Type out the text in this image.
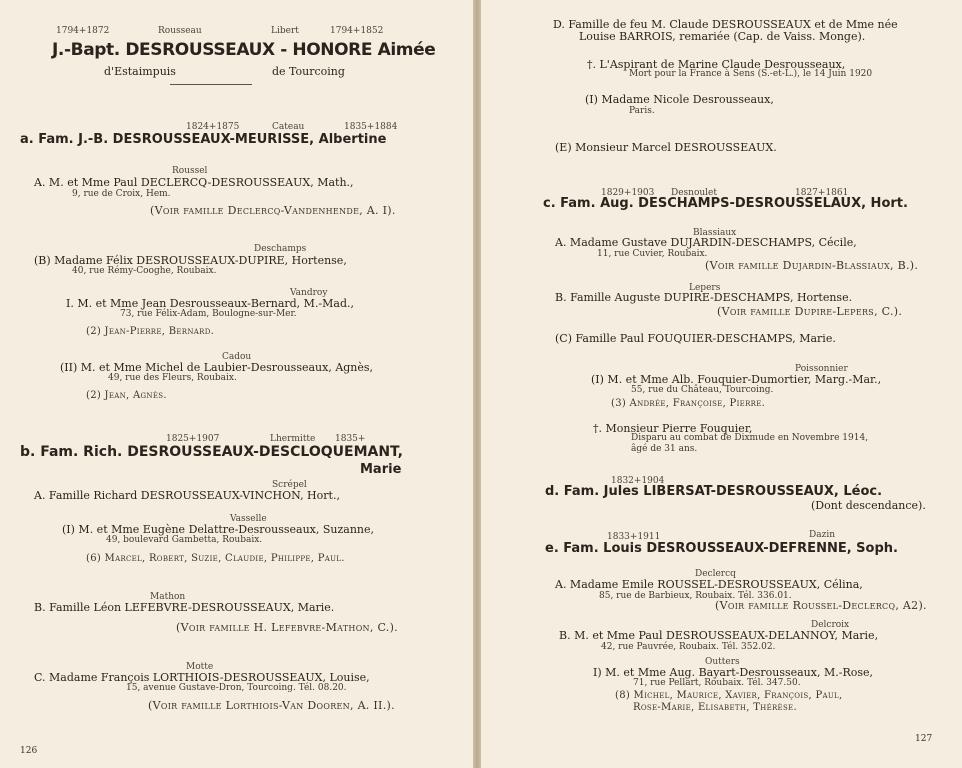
1794+1872	Rousseau	Libert	1794+1852
J.-Bapt. DESROUSSEAUX - HONORE Aimée
d'Estaimpuis	de Tourcoing
1824+1875	Cateau	1835+1884
a. Fam. J.-B. DESROUSSEAUX-MEURISSE, Albertine
Roussel
A. M. et Mme Paul DECLERCQ-DESROUSSEAUX, Math.,
9, rue de Croix, Hem.
(Voir famille Declercq-Vandenhende, A. I).
Deschamps
(B) Madame Félix DESROUSSEAUX-DUPIRE, Hortense,
40, rue Rémy-Cooghe, Roubaix.
Vandroy
I. M. et Mme Jean Desrousseaux-Bernard, M.-Mad.,
73, rue Félix-Adam, Boulogne-sur-Mer.
(2) Jean-Pierre, Bernard.
Cadou
(II) M. et Mme Michel de Laubier-Desrousseaux, Agnès,
49, rue des Fleurs, Roubaix.
(2) Jean, Agnès.
1825+1907	Lhermitte 1835+
b. Fam. Rich. DESROUSSEAUX-DESCLOQUEMANT,
Marie
Scrépel
A. Famille Richard DESROUSSEAUX-VINCHON, Hort.,
Vasselle
(I) M. et Mme Eugène Delattre-Desrousseaux, Suzanne,
49, boulevard Gambetta, Roubaix.
(6) Marcel, Robert, Suzie, Claudie, Philippe, Paul.
Mathon
B. Famille Léon LEFEBVRE-DESROUSSEAUX, Marie.
(Voir famille H. Lefebvre-Mathon, C.).
Motte
C. Madame François LORTHIOIS-DESROUSSEAUX, Louise,
15, avenue Gustave-Dron, Tourcoing. Tél. 08.20.
(Voir famille Lorthiois-Van Dooren, A. II.).
126
D. Famille de feu M. Claude DESROUSSEAUX et de Mme née
Louise BARROIS, remariée (Cap. de Vaiss. Monge).
†. L'Aspirant de Marine Claude Desrousseaux,
Mort pour la France à Sens (S.-et-L.), le 14 Juin 1920
(I) Madame Nicole Desrousseaux,
Paris.
(E) Monsieur Marcel DESROUSSEAUX.
1829+1903 Desnoulet	1827+1861
c. Fam. Aug. DESCHAMPS-DESROUSSELAUX, Hort.
Blassiaux
A. Madame Gustave DUJARDIN-DESCHAMPS, Cécile,
11, rue Cuvier, Roubaix.
(Voir famille Dujardin-Blassiaux, B.).
Lepers
B. Famille Auguste DUPIRE-DESCHAMPS, Hortense.
(Voir famille Dupire-Lepers, C.).
(C) Famille Paul FOUQUIER-DESCHAMPS, Marie.
Poissonnier
(I) M. et Mme Alb. Fouquier-Dumortier, Marg.-Mar.,
55, rue du Château, Tourcoing.
(3) Andrée, Françoise, Pierre.
†. Monsieur Pierre Fouquier,
Disparu au combat de Dixmude en Novembre 1914,
âgé de 31 ans.
1832+1904
d. Fam. Jules LIBERSAT-DESROUSSEAUX, Léoc.
(Dont descendance).
1833+1911	Dazin
e. Fam. Louis DESROUSSEAUX-DEFRENNE, Soph.
Declercq
A. Madame Emile ROUSSEL-DESROUSSEAUX, Célina,
85, rue de Barbieux, Roubaix. Tél. 336.01.
(Voir famille Roussel-Declercq, A2).
Delcroix
B. M. et Mme Paul DESROUSSEAUX-DELANNOY, Marie,
42, rue Pauvrée, Roubaix. Tél. 352.02.
Outters
I) M. et Mme Aug. Bayart-Desrousseaux, M.-Rose,
71, rue Pellart, Roubaix. Tél. 347.50.
(8) Michel, Maurice, Xavier, François, Paul,
Rose-Marie, Elisabeth, Thérèse.
127
